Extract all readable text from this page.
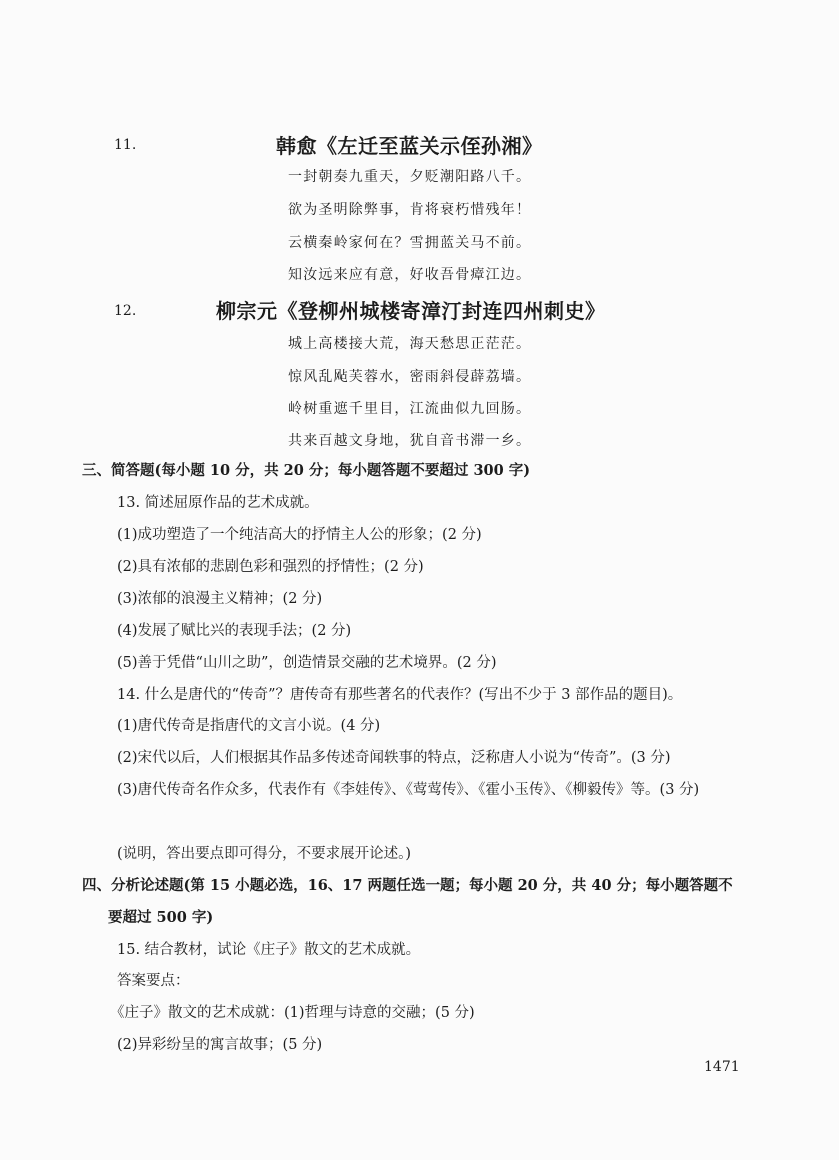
11.	韩愈《左迁至蓝关示侄孙湘》
一封朝奏九重天，夕贬潮阳路八千。
欲为圣明除弊事，肯将衰朽惜残年！
云横秦岭家何在？雪拥蓝关马不前。
知汝远来应有意，好收吾骨瘴江边。
12.	柳宗元《登柳州城楼寄漳汀封连四州刺史》
城上高楼接大荒，海天愁思正茫茫。
惊风乱飐芙蓉水，密雨斜侵薜荔墙。
岭树重遮千里目，江流曲似九回肠。
共来百越文身地，犹自音书滞一乡。
三、简答题(每小题 10 分，共 20 分；每小题答题不要超过 300 字)
13. 简述屈原作品的艺术成就。
(1)成功塑造了一个纯洁高大的抒情主人公的形象；(2 分)
(2)具有浓郁的悲剧色彩和强烈的抒情性；(2 分)
(3)浓郁的浪漫主义精神；(2 分)
(4)发展了赋比兴的表现手法；(2 分)
(5)善于凭借“山川之助”，创造情景交融的艺术境界。(2 分)
14. 什么是唐代的“传奇”？唐传奇有那些著名的代表作？(写出不少于 3 部作品的题目)。
(1)唐代传奇是指唐代的文言小说。(4 分)
(2)宋代以后，人们根据其作品多传述奇闻轶事的特点，泛称唐人小说为“传奇”。(3 分)
(3)唐代传奇名作众多，代表作有《李娃传》、《莺莺传》、《霍小玉传》、《柳毅传》等。(3 分)
(说明，答出要点即可得分，不要求展开论述。)
四、分析论述题(第 15 小题必选，16、17 两题任选一题；每小题 20 分，共 40 分；每小题答题不
要超过 500 字)
15. 结合教材，试论《庄子》散文的艺术成就。
答案要点：
《庄子》散文的艺术成就：(1)哲理与诗意的交融；(5 分)
(2)异彩纷呈的寓言故事；(5 分)
1471
